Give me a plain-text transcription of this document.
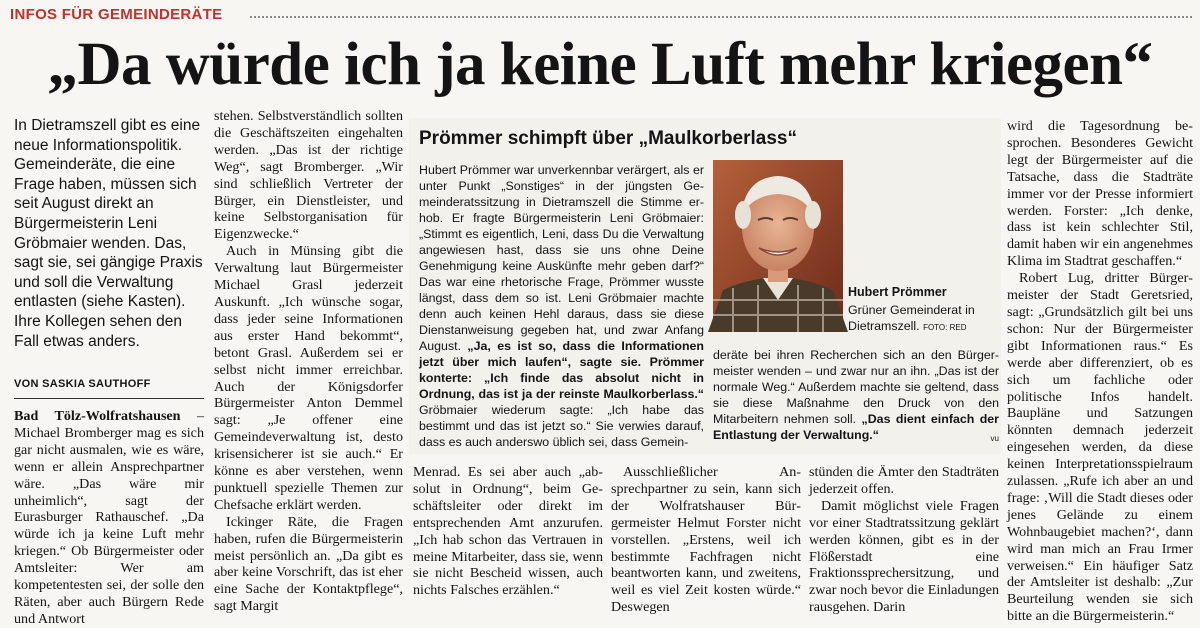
INFOS FÜR GEMEINDERÄTE
„Da würde ich ja keine Luft mehr kriegen“

In Dietramszell gibt es eine neue Informationspolitik. Gemeinderäte, die eine Frage haben, müssen sich seit August direkt an Bürgermeisterin Leni Gröbmaier wenden. Das, sagt sie, sei gängige Praxis und soll die Verwaltung entlasten (siehe Kasten). Ihre Kollegen sehen den Fall etwas anders.

VON SASKIA SAUTHOFF

Bad Tölz-Wolfratshausen – Michael Bromberger mag es sich gar nicht ausmalen, wie es wäre, wenn er allein Ansprechpartner wäre. „Das wäre mir unheimlich“, sagt der Eurasburger Rathauschef. „Da würde ich ja keine Luft mehr kriegen.“ Ob Bürgermeister oder Amtsleiter: Wer am kompetentesten sei, der solle den Räten, aber auch Bürgern Rede und Antwort

stehen. Selbstverständlich sollten die Geschäftszeiten eingehalten werden. „Das ist der richtige Weg“, sagt Bromberger. „Wir sind schließlich Vertreter der Bürger, ein Dienstleister, und keine Selbstorganisation für Eigenzwecke.“

Auch in Münsing gibt die Verwaltung laut Bürgermeister Michael Grasl jederzeit Auskunft. „Ich wünsche sogar, dass jeder seine Informationen aus erster Hand bekommt“, betont Grasl. Außerdem sei er selbst nicht immer erreichbar. Auch der Königsdorfer Bürgermeister Anton Demmel sagt: „Je offener eine Gemeindeverwaltung ist, desto krisensicherer ist sie auch.“ Er könne es aber verstehen, wenn punktuell spezielle Themen zur Chefsache erklärt werden.

Ickinger Räte, die Fragen haben, rufen die Bürgermeisterin meist persönlich an. „Da gibt es aber keine Vorschrift, das ist eher eine Sache der Kontaktpflege“, sagt Margit

Prömmer schimpft über „Maulkorberlass“

Hubert Prömmer war unverkennbar verärgert, als er unter Punkt „Sonstiges“ in der jüngsten Gemeinderatssitzung in Dietramszell die Stimme erhob. Er fragte Bürgermeisterin Leni Gröbmaier: „Stimmt es eigentlich, Leni, dass Du die Verwaltung angewiesen hast, dass sie uns ohne Deine Genehmigung keine Auskünfte mehr geben darf?“ Das war eine rhetorische Frage, Prömmer wusste längst, dass dem so ist. Leni Gröbmaier machte denn auch keinen Hehl daraus, dass sie diese Dienstanweisung gegeben hat, und zwar Anfang August. „Ja, es ist so, dass die Informationen jetzt über mich laufen“, sagte sie. Prömmer konterte: „Ich finde das absolut nicht in Ordnung, das ist ja der reinste Maulkorberlass.“ Gröbmaier wiederum sagte: „Ich habe das bestimmt und das ist jetzt so.“ Sie verwies darauf, dass es auch anderswo üblich sei, dass Gemein-

Hubert Prömmer

Grüner Gemeinderat in Dietramszell. FOTO: RED

deräte bei ihren Recherchen sich an den Bürgermeister wenden – und zwar nur an ihn. „Das ist der normale Weg.“ Außerdem machte sie geltend, dass sie diese Maßnahme den Druck von den Mitarbeitern nehmen soll. „Das dient einfach der Entlastung der Verwaltung.“	vu

Menrad. Es sei aber auch „absolut in Ordnung“, beim Geschäftsleiter oder direkt im entsprechenden Amt anzurufen. „Ich hab schon das Vertrauen in meine Mitarbeiter, dass sie, wenn sie nicht Bescheid wissen, auch nichts Falsches erzählen.“

Ausschließlicher Ansprechpartner zu sein, kann sich der Wolfratshauser Bürgermeister Helmut Forster nicht vorstellen. „Erstens, weil ich bestimmte Fachfragen nicht beantworten kann, und zweitens, weil es viel Zeit kosten würde.“ Deswegen

stünden die Ämter den Stadträten jederzeit offen.

Damit möglichst viele Fragen vor einer Stadtratssitzung geklärt werden können, gibt es in der Flößerstadt eine Fraktionssprechersitzung, und zwar noch bevor die Einladungen rausgehen. Darin

wird die Tagesordnung besprochen. Besonderes Gewicht legt der Bürgermeister auf die Tatsache, dass die Stadträte immer vor der Presse informiert werden. Forster: „Ich denke, dass ist kein schlechter Stil, damit haben wir ein angenehmes Klima im Stadtrat geschaffen.“

Robert Lug, dritter Bürgermeister der Stadt Geretsried, sagt: „Grundsätzlich gilt bei uns schon: Nur der Bürgermeister gibt Informationen raus.“ Es werde aber differenziert, ob es sich um fachliche oder politische Infos handelt. Baupläne und Satzungen könnten demnach jederzeit eingesehen werden, da diese keinen Interpretationsspielraum zulassen. „Rufe ich aber an und frage: ‚Will die Stadt dieses oder jenes Gelände zu einem Wohnbaugebiet machen?‘, dann wird man mich an Frau Irmer verweisen.“ Ein häufiger Satz der Amtsleiter ist deshalb: „Zur Beurteilung wenden sie sich bitte an die Bürgermeisterin.“
